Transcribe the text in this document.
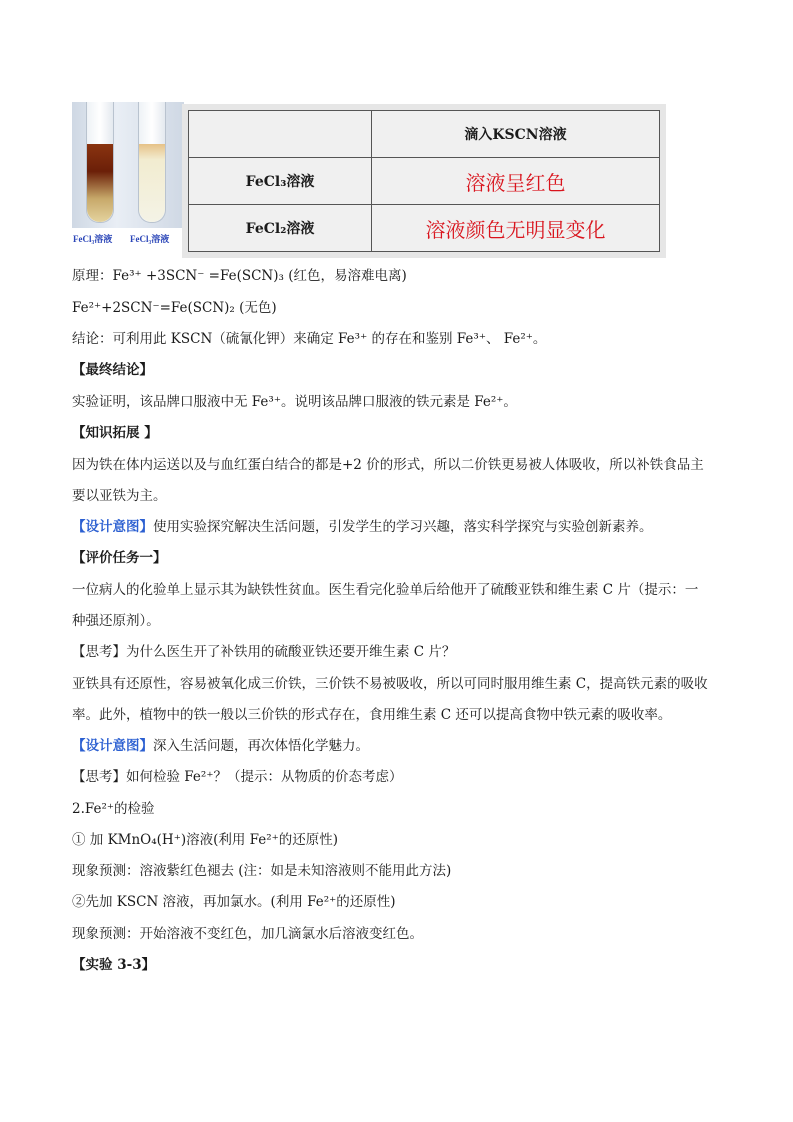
FeCl₃溶液 FeCl₃溶液
	滴入KSCN溶液
FeCl₃溶液	溶液呈红色
FeCl₂溶液	溶液颜色无明显变化
原理：Fe³⁺ +3SCN⁻ =Fe(SCN)₃ (红色，易溶难电离)
Fe²⁺+2SCN⁻=Fe(SCN)₂ (无色)
结论：可利用此 KSCN（硫氰化钾）来确定 Fe³⁺ 的存在和鉴别 Fe³⁺、 Fe²⁺。
【最终结论】
实验证明，该品牌口服液中无 Fe³⁺。说明该品牌口服液的铁元素是 Fe²⁺。
【知识拓展 】
因为铁在体内运送以及与血红蛋白结合的都是+2 价的形式，所以二价铁更易被人体吸收，所以补铁食品主
要以亚铁为主。
【设计意图】使用实验探究解决生活问题，引发学生的学习兴趣，落实科学探究与实验创新素养。
【评价任务一】
一位病人的化验单上显示其为缺铁性贫血。医生看完化验单后给他开了硫酸亚铁和维生素 C 片（提示：一
种强还原剂）。
【思考】为什么医生开了补铁用的硫酸亚铁还要开维生素 C 片？
亚铁具有还原性，容易被氧化成三价铁，三价铁不易被吸收，所以可同时服用维生素 C，提高铁元素的吸收
率。此外，植物中的铁一般以三价铁的形式存在，食用维生素 C 还可以提高食物中铁元素的吸收率。
【设计意图】深入生活问题，再次体悟化学魅力。
【思考】如何检验 Fe²⁺？（提示：从物质的价态考虑）
2.Fe²⁺的检验
① 加 KMnO₄(H⁺)溶液(利用 Fe²⁺的还原性)
现象预测：溶液紫红色褪去 (注：如是未知溶液则不能用此方法)
②先加 KSCN 溶液，再加氯水。(利用 Fe²⁺的还原性)
现象预测：开始溶液不变红色，加几滴氯水后溶液变红色。
【实验 3-3】
